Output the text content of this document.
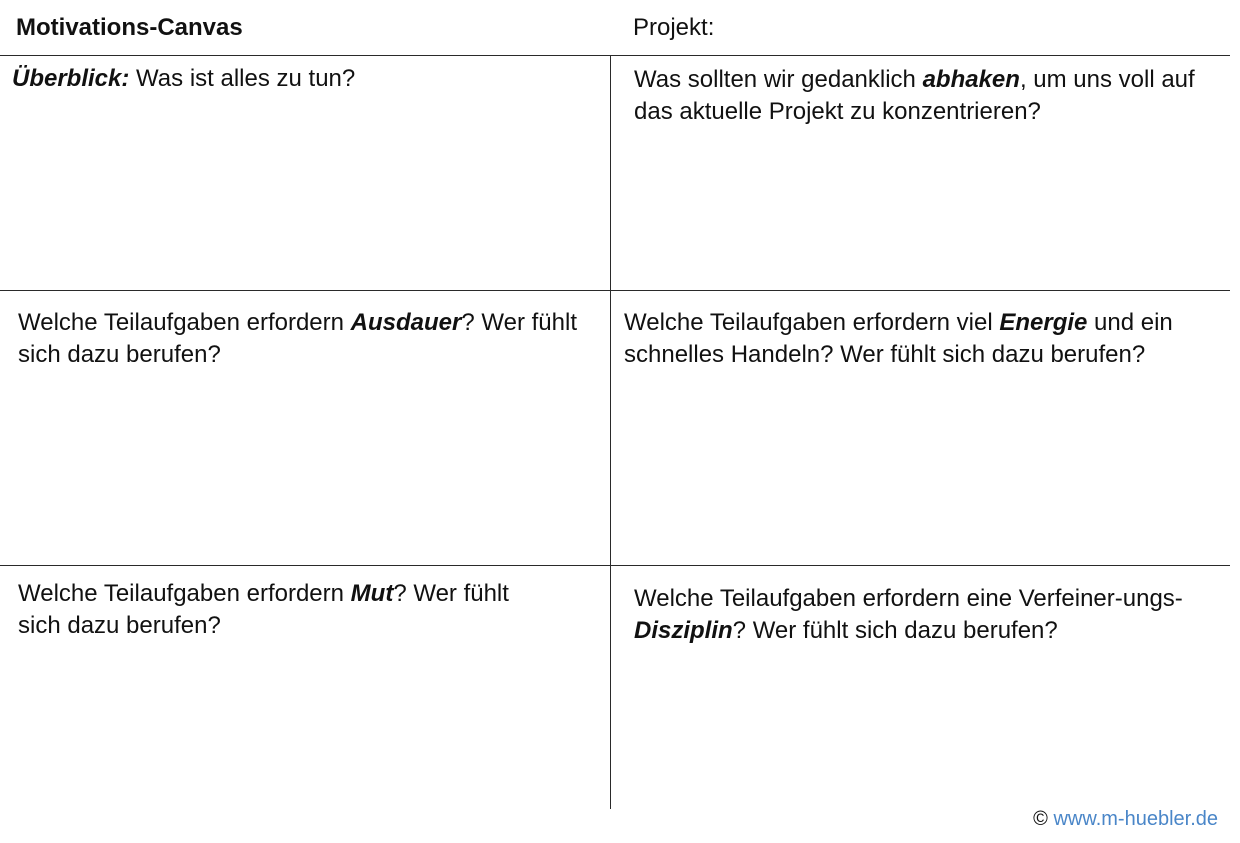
Motivations-Canvas	Projekt:
Überblick: Was ist alles zu tun?	Was sollten wir gedanklich abhaken, um uns voll auf das aktuelle Projekt zu konzentrieren?
Welche Teilaufgaben erfordern Ausdauer? Wer fühlt sich dazu berufen?
Welche Teilaufgaben erfordern viel Energie und ein schnelles Handeln? Wer fühlt sich dazu berufen?
Welche Teilaufgaben erfordern Mut? Wer fühlt sich dazu berufen?
Welche Teilaufgaben erfordern eine Verfeiner-ungs-Disziplin? Wer fühlt sich dazu berufen?
© www.m-huebler.de
